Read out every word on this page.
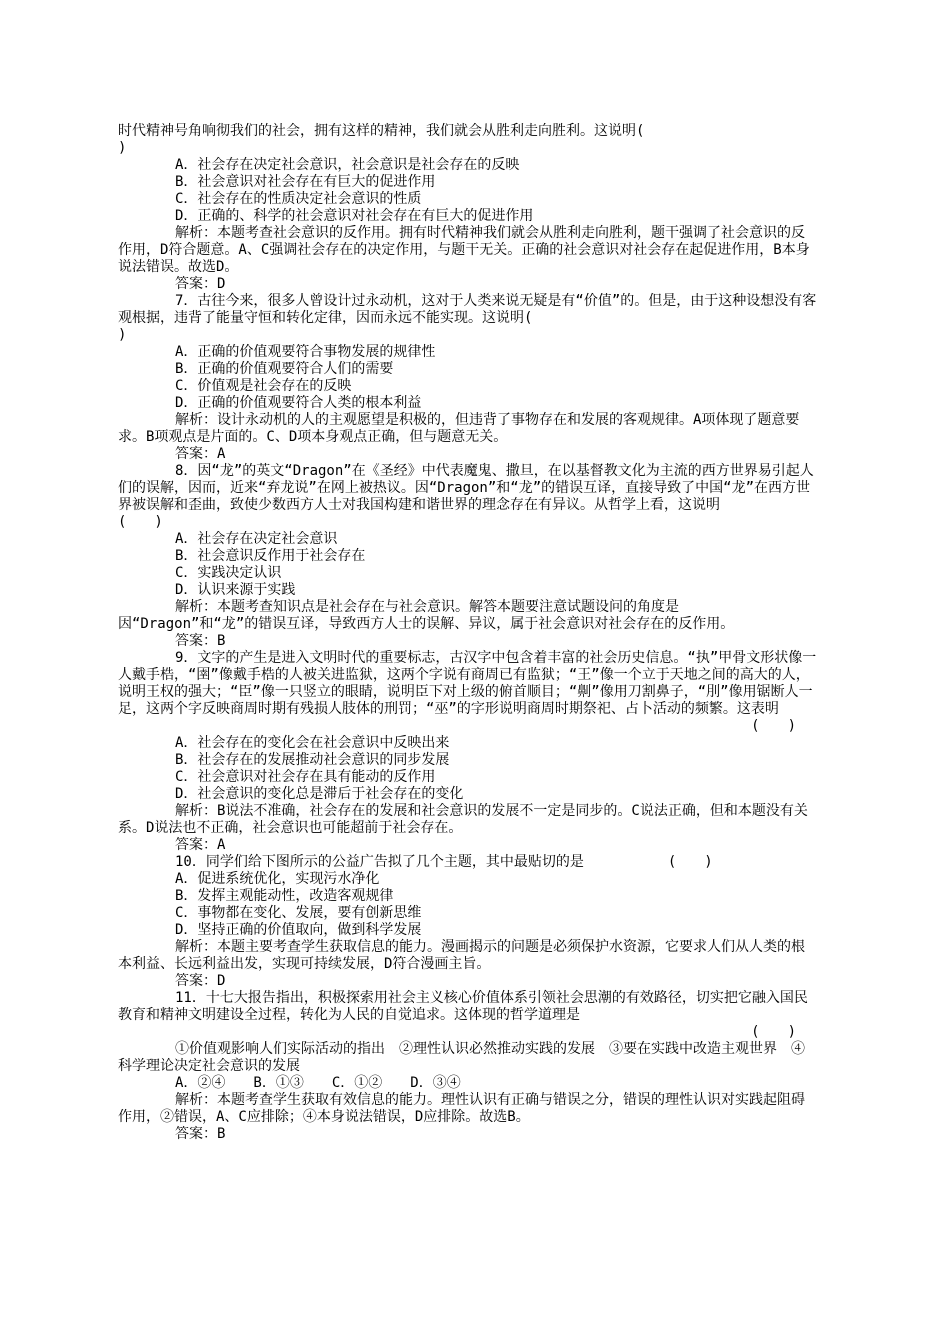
时代精神号角响彻我们的社会，拥有这样的精神，我们就会从胜利走向胜利。这说明(

)

A．社会存在决定社会意识，社会意识是社会存在的反映

B．社会意识对社会存在有巨大的促进作用

C．社会存在的性质决定社会意识的性质

D．正确的、科学的社会意识对社会存在有巨大的促进作用

解析：本题考查社会意识的反作用。拥有时代精神我们就会从胜利走向胜利，题干强调了社会意识的反作用，D符合题意。A、C强调社会存在的决定作用，与题干无关。正确的社会意识对社会存在起促进作用，B本身说法错误。故选D。

答案：D

7．古往今来，很多人曾设计过永动机，这对于人类来说无疑是有“价值”的。但是，由于这种设想没有客观根据，违背了能量守恒和转化定律，因而永远不能实现。这说明(

)

A．正确的价值观要符合事物发展的规律性

B．正确的价值观要符合人们的需要

C．价值观是社会存在的反映

D．正确的价值观要符合人类的根本利益

解析：设计永动机的人的主观愿望是积极的，但违背了事物存在和发展的客观规律。A项体现了题意要求。B项观点是片面的。C、D项本身观点正确，但与题意无关。

答案：A

8．因“龙”的英文“Dragon”在《圣经》中代表魔鬼、撒旦，在以基督教文化为主流的西方世界易引起人们的误解，因而，近来“弃龙说”在网上被热议。因“Dragon”和“龙”的错误互译，直接导致了中国“龙”在西方世界被误解和歪曲，致使少数西方人士对我国构建和谐世界的理念存在有异议。从哲学上看，这说明

(　　)

A．社会存在决定社会意识

B．社会意识反作用于社会存在

C．实践决定认识

D．认识来源于实践

解析：本题考查知识点是社会存在与社会意识。解答本题要注意试题设问的角度是因“Dragon”和“龙”的错误互译，导致西方人士的误解、异议，属于社会意识对社会存在的反作用。

答案：B

9．文字的产生是进入文明时代的重要标志，古汉字中包含着丰富的社会历史信息。“执”甲骨文形状像一人戴手梏，“圉”像戴手梏的人被关进监狱，这两个字说有商周已有监狱；“王”像一个立于天地之间的高大的人，说明王权的强大；“臣”像一只竖立的眼睛，说明臣下对上级的俯首顺目；“劓”像用刀割鼻子，“刖”像用锯断人一足，这两个字反映商周时期有残损人肢体的刑罚；“巫”的字形说明商周时期祭祀、占卜活动的频繁。这表明

(　　)

A．社会存在的变化会在社会意识中反映出来

B．社会存在的发展推动社会意识的同步发展

C．社会意识对社会存在具有能动的反作用

D．社会意识的变化总是滞后于社会存在的变化

解析：B说法不准确，社会存在的发展和社会意识的发展不一定是同步的。C说法正确，但和本题没有关系。D说法也不正确，社会意识也可能超前于社会存在。

答案：A

10．同学们给下图所示的公益广告拟了几个主题，其中最贴切的是　　　　　　(　　)

A．促进系统优化，实现污水净化

B．发挥主观能动性，改造客观规律

C．事物都在变化、发展，要有创新思维

D．坚持正确的价值取向，做到科学发展

解析：本题主要考查学生获取信息的能力。漫画揭示的问题是必须保护水资源，它要求人们从人类的根本利益、长远利益出发，实现可持续发展，D符合漫画主旨。

答案：D

11．十七大报告指出，积极探索用社会主义核心价值体系引领社会思潮的有效路径，切实把它融入国民教育和精神文明建设全过程，转化为人民的自觉追求。这体现的哲学道理是

(　　)

①价值观影响人们实际活动的指出　②理性认识必然推动实践的发展　③要在实践中改造主观世界　④科学理论决定社会意识的发展

A．②④　　B．①③　　C．①②　　D．③④

解析：本题考查学生获取有效信息的能力。理性认识有正确与错误之分，错误的理性认识对实践起阻碍作用，②错误，A、C应排除；④本身说法错误，D应排除。故选B。

答案：B
